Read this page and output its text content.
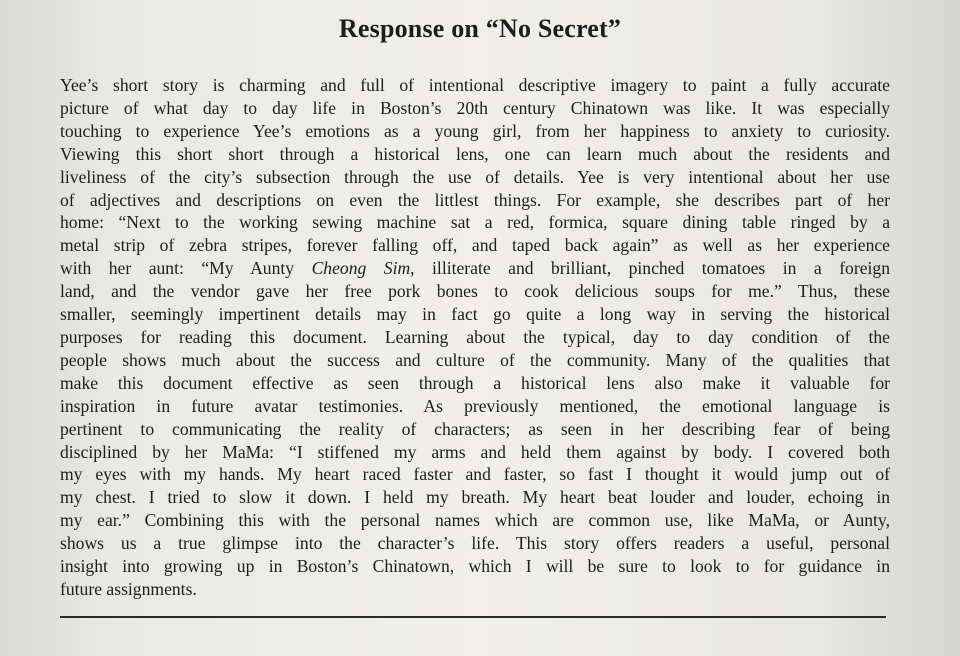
Response on “No Secret”
Yee’s short story is charming and full of intentional descriptive imagery to paint a fully accurate
picture of what day to day life in Boston’s 20th century Chinatown was like. It was especially
touching to experience Yee’s emotions as a young girl, from her happiness to anxiety to curiosity.
Viewing this short short through a historical lens, one can learn much about the residents and
liveliness of the city’s subsection through the use of details. Yee is very intentional about her use
of adjectives and descriptions on even the littlest things. For example, she describes part of her
home: “Next to the working sewing machine sat a red, formica, square dining table ringed by a
metal strip of zebra stripes, forever falling off, and taped back again” as well as her experience
with her aunt: “My Aunty Cheong Sim, illiterate and brilliant, pinched tomatoes in a foreign
land, and the vendor gave her free pork bones to cook delicious soups for me.” Thus, these
smaller, seemingly impertinent details may in fact go quite a long way in serving the historical
purposes for reading this document. Learning about the typical, day to day condition of the
people shows much about the success and culture of the community. Many of the qualities that
make this document effective as seen through a historical lens also make it valuable for
inspiration in future avatar testimonies. As previously mentioned, the emotional language is
pertinent to communicating the reality of characters; as seen in her describing fear of being
disciplined by her MaMa: “I stiffened my arms and held them against by body. I covered both
my eyes with my hands. My heart raced faster and faster, so fast I thought it would jump out of
my chest. I tried to slow it down. I held my breath. My heart beat louder and louder, echoing in
my ear.” Combining this with the personal names which are common use, like MaMa, or Aunty,
shows us a true glimpse into the character’s life. This story offers readers a useful, personal
insight into growing up in Boston’s Chinatown, which I will be sure to look to for guidance in
future assignments.
